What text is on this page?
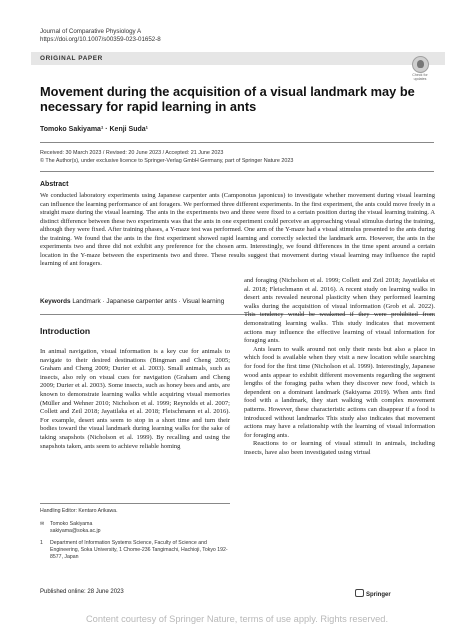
Journal of Comparative Physiology A
https://doi.org/10.1007/s00359-023-01652-8
ORIGINAL PAPER
Check for updates
Movement during the acquisition of a visual landmark may be necessary for rapid learning in ants
Tomoko Sakiyama¹ · Kenji Suda¹
Received: 30 March 2023 / Revised: 20 June 2023 / Accepted: 21 June 2023
© The Author(s), under exclusive licence to Springer-Verlag GmbH Germany, part of Springer Nature 2023
Abstract
We conducted laboratory experiments using Japanese carpenter ants (Camponotus japonicus) to investigate whether movement during visual learning can influence the learning performance of ant foragers. We performed three different experiments. In the first experiment, the ants could move freely in a straight maze during the visual learning. The ants in the experiments two and three were fixed to a certain position during the visual learning training. A distinct difference between these two experiments was that the ants in one experiment could perceive an approaching visual stimulus during the training, although they were fixed. After training phases, a Y-maze test was performed. One arm of the Y-maze had a visual stimulus presented to the ants during the training. We found that the ants in the first experiment showed rapid learning and correctly selected the landmark arm. However, the ants in the experiments two and three did not exhibit any preference for the chosen arm. Interestingly, we found differences in the time spent around a certain location in the Y-maze between the experiments two and three. These results suggest that movement during visual learning may influence the rapid learning of ant foragers.
Keywords Landmark · Japanese carpenter ants · Visual learning
Introduction

In animal navigation, visual information is a key cue for animals to navigate to their desired destinations (Bingman and Cheng 2005; Graham and Cheng 2009; Durier et al. 2003). Small animals, such as insects, also rely on visual cues for navigation (Graham and Cheng 2009; Durier et al. 2003). Some insects, such as honey bees and ants, are known to demonstrate learning walks while acquiring visual memories (Müller and Wehner 2010; Nicholson et al. 1999; Reynolds et al. 2007; Collett and Zeil 2018; Jayatilaka et al. 2018; Fleischmann et al. 2016). For example, desert ants seem to stop in a short time and turn their bodies toward the visual landmark during learning walks for the sake of taking snapshots (Nicholson et al. 1999). By recalling and using the snapshots taken, ants seem to achieve reliable homing

and foraging (Nicholson et al. 1999; Collett and Zeil 2018; Jayatilaka et al. 2018; Fleischmann et al. 2016). A recent study on learning walks in desert ants revealed neuronal plasticity when they performed learning walks during the acquisition of visual information (Grob et al. 2022). This tendency would be weakened if they were prohibited from demonstrating learning walks. This study indicates that movement actions may influence the effective learning of visual information for foraging ants.

Ants learn to walk around not only their nests but also a place in which food is available when they visit a new location while searching for food for the first time (Nicholson et al. 1999). Interestingly, Japanese wood ants appear to exhibit different movements regarding the segment lengths of the foraging paths when they discover new food, which is dependent on a dominant landmark (Sakiyama 2019). When ants find food with a landmark, they start walking with complex movement patterns. However, these characteristic actions can disappear if a food is introduced without landmarks This study also indicates that movement actions may have a relationship with the learning of visual information for foraging ants.

Reactions to or learning of visual stimuli in animals, including insects, have also been investigated using virtual

Handling Editor: Kentaro Arikawa.
✉ Tomoko Sakiyama
sakiyama@soka.ac.jp
1 Department of Information Systems Science, Faculty of Science and Engineering, Soka University, 1 Chome-236 Tangimachi, Hachioji, Tokyo 192-8577, Japan
Published online: 28 June 2023	Springer
Content courtesy of Springer Nature, terms of use apply. Rights reserved.
